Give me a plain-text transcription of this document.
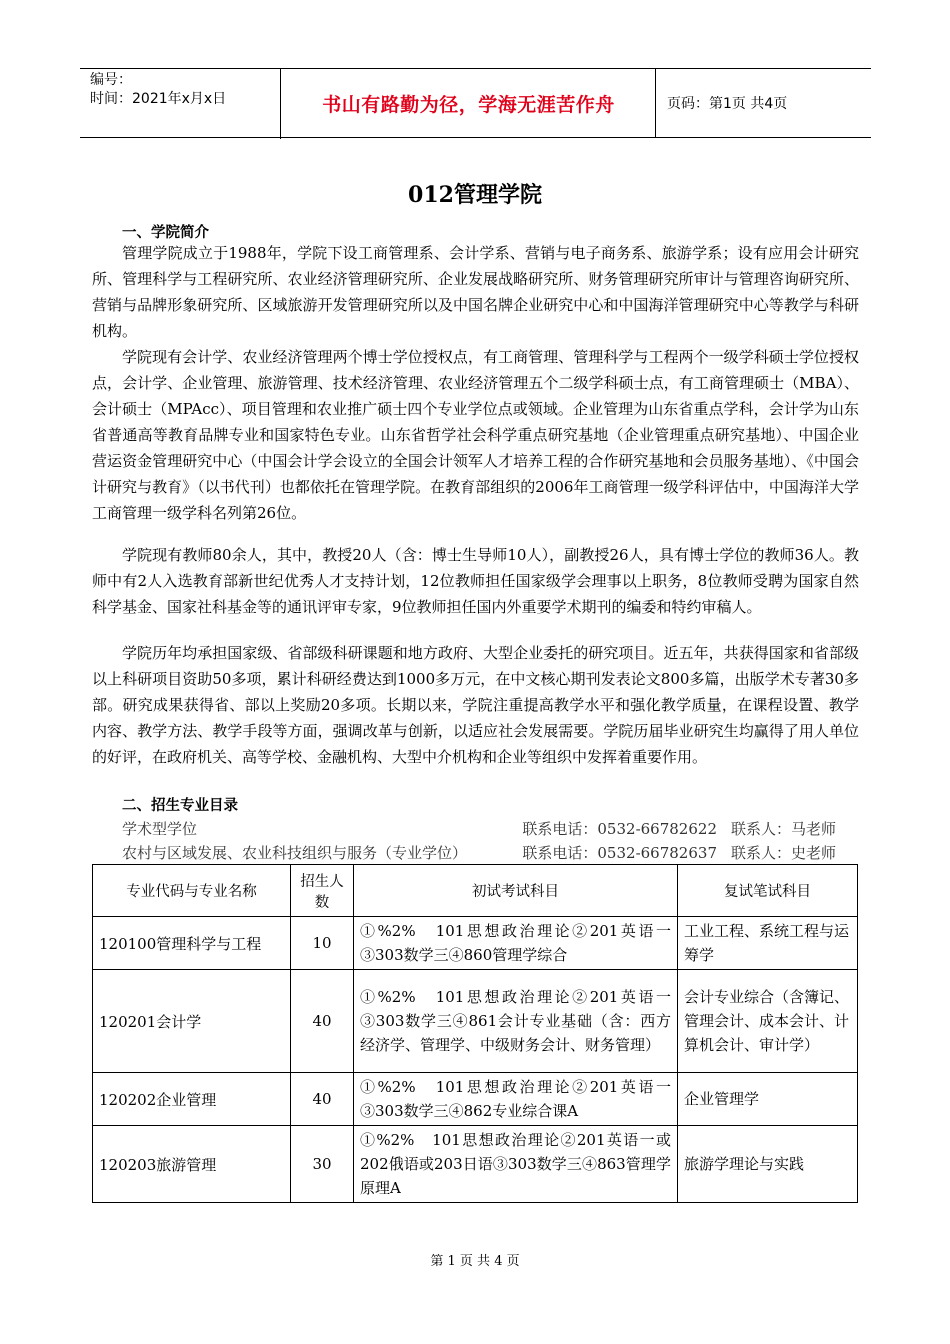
编号：
时间：2021年x月x日	书山有路勤为径，学海无涯苦作舟	页码：第1页 共4页
012管理学院
一、学院简介

管理学院成立于1988年，学院下设工商管理系、会计学系、营销与电子商务系、旅游学系；设有应用会计研究所、管理科学与工程研究所、农业经济管理研究所、企业发展战略研究所、财务管理研究所审计与管理咨询研究所、营销与品牌形象研究所、区域旅游开发管理研究所以及中国名牌企业研究中心和中国海洋管理研究中心等教学与科研机构。

学院现有会计学、农业经济管理两个博士学位授权点，有工商管理、管理科学与工程两个一级学科硕士学位授权点，会计学、企业管理、旅游管理、技术经济管理、农业经济管理五个二级学科硕士点，有工商管理硕士（MBA）、会计硕士（MPAcc）、项目管理和农业推广硕士四个专业学位点或领域。企业管理为山东省重点学科，会计学为山东省普通高等教育品牌专业和国家特色专业。山东省哲学社会科学重点研究基地（企业管理重点研究基地）、中国企业营运资金管理研究中心（中国会计学会设立的全国会计领军人才培养工程的合作研究基地和会员服务基地）、《中国会计研究与教育》（以书代刊）也都依托在管理学院。在教育部组织的2006年工商管理一级学科评估中，中国海洋大学工商管理一级学科名列第26位。

学院现有教师80余人，其中，教授20人（含：博士生导师10人），副教授26人，具有博士学位的教师36人。教师中有2人入选教育部新世纪优秀人才支持计划，12位教师担任国家级学会理事以上职务，8位教师受聘为国家自然科学基金、国家社科基金等的通讯评审专家，9位教师担任国内外重要学术期刊的编委和特约审稿人。

学院历年均承担国家级、省部级科研课题和地方政府、大型企业委托的研究项目。近五年，共获得国家和省部级以上科研项目资助50多项，累计科研经费达到1000多万元，在中文核心期刊发表论文800多篇，出版学术专著30多部。研究成果获得省、部以上奖励20多项。长期以来，学院注重提高教学水平和强化教学质量，在课程设置、教学内容、教学方法、教学手段等方面，强调改革与创新，以适应社会发展需要。学院历届毕业研究生均赢得了用人单位的好评，在政府机关、高等学校、金融机构、大型中介机构和企业等组织中发挥着重要作用。

二、招生专业目录
学术型学位	联系电话：0532-66782622 联系人：马老师
农村与区域发展、农业科技组织与服务（专业学位）	联系电话：0532-66782637 联系人：史老师
专业代码与专业名称	招生人数	初试考试科目	复试笔试科目
120100管理科学与工程	10	①%2%　101思想政治理论②201英语一③303数学三④860管理学综合	工业工程、系统工程与运筹学
120201会计学	40	①%2%　101思想政治理论②201英语一③303数学三④861会计专业基础（含：西方经济学、管理学、中级财务会计、财务管理）	会计专业综合（含簿记、管理会计、成本会计、计算机会计、审计学）
120202企业管理	40	①%2%　101思想政治理论②201英语一③303数学三④862专业综合课A	企业管理学
120203旅游管理	30	①%2%　101思想政治理论②201英语一或202俄语或203日语③303数学三④863管理学原理A	旅游学理论与实践
第 1 页 共 4 页
